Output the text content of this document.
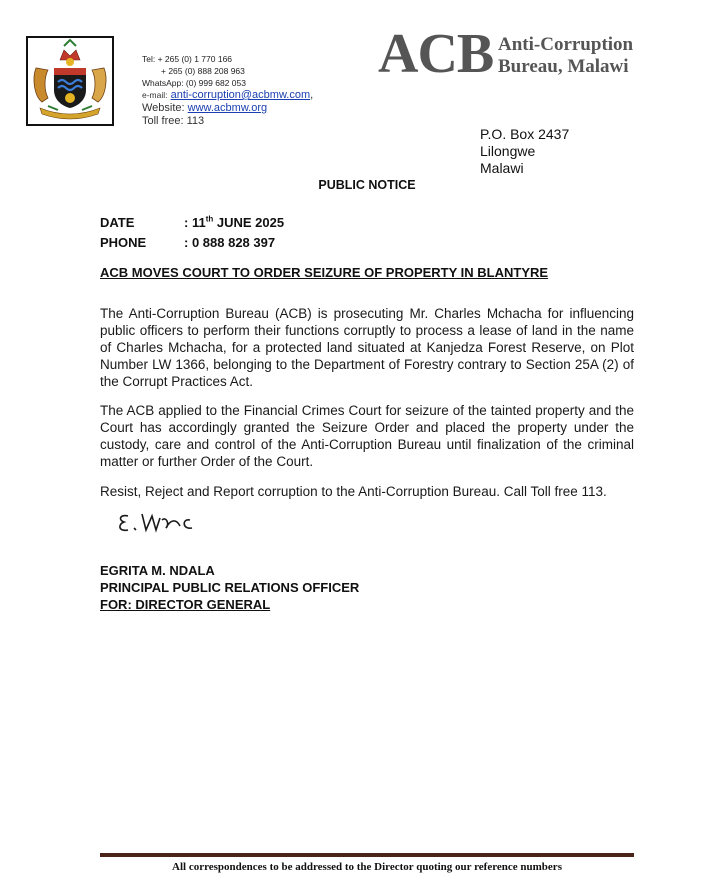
Tel: + 265 (0) 1 770 166
+ 265 (0) 888 208 963
WhatsApp: (0) 999 682 053
e-mail: anti-corruption@acbmw.com,
Website: www.acbmw.org
Toll free: 113
ACB Anti-Corruption
Bureau, Malawi
P.O. Box 2437
Lilongwe
Malawi
PUBLIC NOTICE
DATE	: 11th JUNE 2025
PHONE	: 0 888 828 397
ACB MOVES COURT TO ORDER SEIZURE OF PROPERTY IN BLANTYRE
The Anti-Corruption Bureau (ACB) is prosecuting Mr. Charles Mchacha for influencing public officers to perform their functions corruptly to process a lease of land in the name of Charles Mchacha, for a protected land situated at Kanjedza Forest Reserve, on Plot Number LW 1366, belonging to the Department of Forestry contrary to Section 25A (2) of the Corrupt Practices Act.
The ACB applied to the Financial Crimes Court for seizure of the tainted property and the Court has accordingly granted the Seizure Order and placed the property under the custody, care and control of the Anti-Corruption Bureau until finalization of the criminal matter or further Order of the Court.
Resist, Reject and Report corruption to the Anti-Corruption Bureau. Call Toll free 113.
EGRITA M. NDALA
PRINCIPAL PUBLIC RELATIONS OFFICER
FOR: DIRECTOR GENERAL
All correspondences to be addressed to the Director quoting our reference numbers
